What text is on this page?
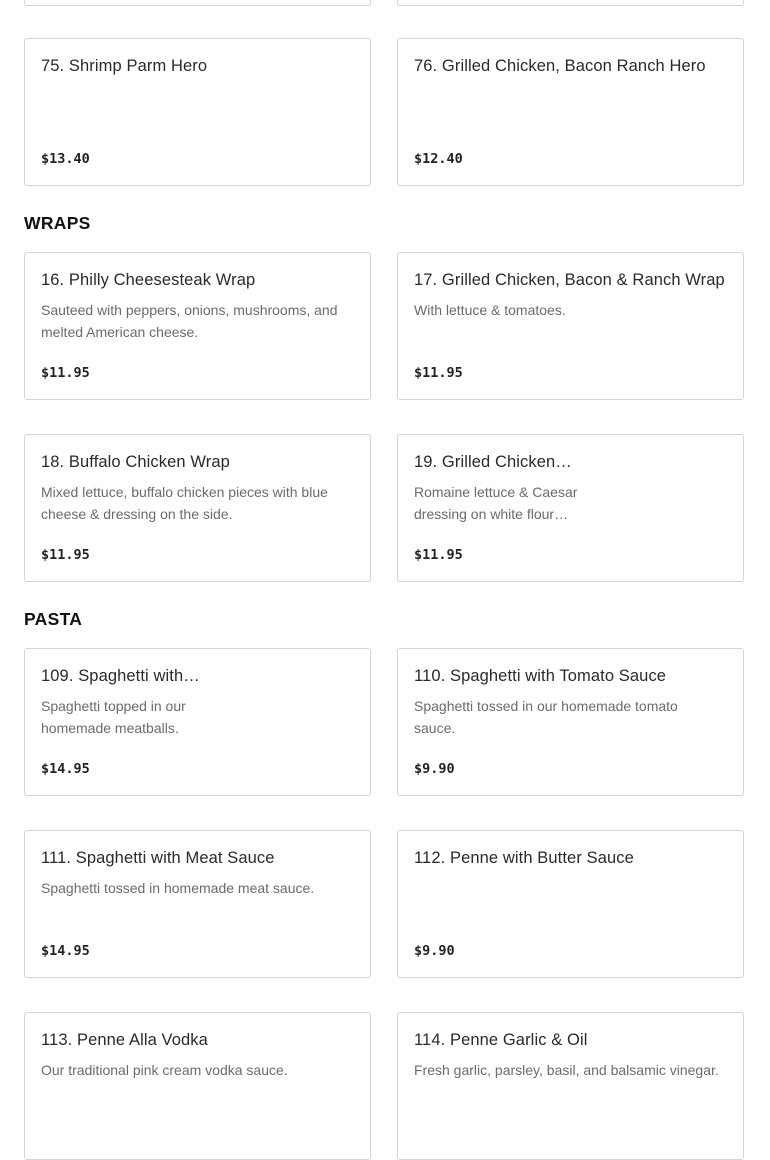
75. Shrimp Parm Hero
$13.40
76. Grilled Chicken, Bacon Ranch Hero
$12.40
WRAPS
16. Philly Cheesesteak Wrap
Sauteed with peppers, onions, mushrooms, and
melted American cheese.
$11.95
17. Grilled Chicken, Bacon & Ranch Wrap
With lettuce & tomatoes.
$11.95
18. Buffalo Chicken Wrap
Mixed lettuce, buffalo chicken pieces with blue
cheese & dressing on the side.
$11.95
19. Grilled Chicken…
Romaine lettuce & Caesar
dressing on white flour…
$11.95
PASTA
109. Spaghetti with…
Spaghetti topped in our
homemade meatballs.
$14.95
110. Spaghetti with Tomato Sauce
Spaghetti tossed in our homemade tomato
sauce.
$9.90
111. Spaghetti with Meat Sauce
Spaghetti tossed in homemade meat sauce.
$14.95
112. Penne with Butter Sauce
$9.90
113. Penne Alla Vodka
Our traditional pink cream vodka sauce.
114. Penne Garlic & Oil
Fresh garlic, parsley, basil, and balsamic vinegar.
